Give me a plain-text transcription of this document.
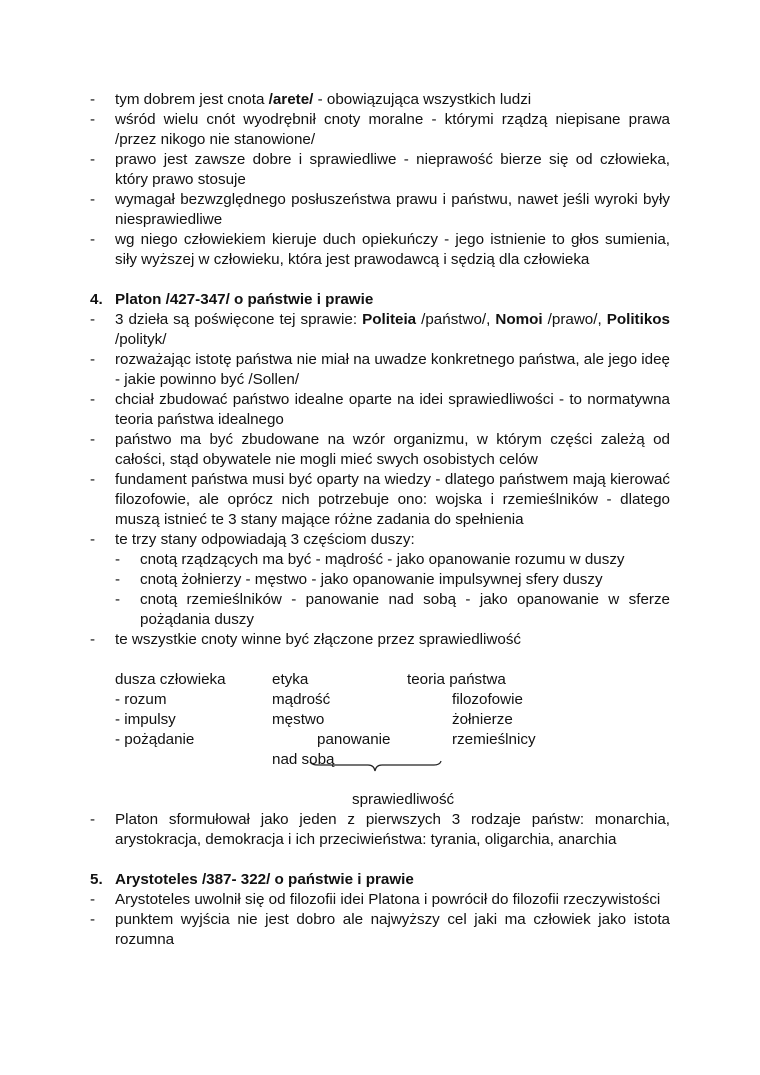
- tym dobrem jest cnota /arete/ - obowiązująca wszystkich ludzi
- wśród wielu cnót wyodrębnił cnoty moralne - którymi rządzą niepisane prawa /przez nikogo nie stanowione/
- prawo jest zawsze dobre i sprawiedliwe - nieprawość bierze się od człowieka, który prawo stosuje
- wymagał bezwzględnego posłuszeństwa prawu i państwu, nawet jeśli wyroki były niesprawiedliwe
- wg niego człowiekiem kieruje duch opiekuńczy - jego istnienie to głos sumienia, siły wyższej w człowieku, która jest prawodawcą i sędzią dla człowieka
4. Platon /427-347/ o państwie i prawie
- 3 dzieła są poświęcone tej sprawie: Politeia /państwo/, Nomoi /prawo/, Politikos /polityk/
- rozważając istotę państwa nie miał na uwadze konkretnego państwa, ale jego ideę - jakie powinno być /Sollen/
- chciał zbudować państwo idealne oparte na idei sprawiedliwości - to normatywna teoria państwa idealnego
- państwo ma być zbudowane na wzór organizmu, w którym części zależą od całości, stąd obywatele nie mogli mieć swych osobistych celów
- fundament państwa musi być oparty na wiedzy - dlatego państwem mają kierować filozofowie, ale oprócz nich potrzebuje ono: wojska i rzemieślników - dlatego muszą istnieć te 3 stany mające różne zadania do spełnienia
- te trzy stany odpowiadają 3 częściom duszy:
- cnotą rządzących ma być - mądrość - jako opanowanie rozumu w duszy
- cnotą żołnierzy - męstwo - jako opanowanie impulsywnej sfery duszy
- cnotą rzemieślników - panowanie nad sobą - jako opanowanie w sferze pożądania duszy
- te wszystkie cnoty winne być złączone przez sprawiedliwość
dusza człowieka
- rozum
- impulsy
- pożądanie
etyka
mądrość
męstwo
panowanie
nad sobą
teoria państwa
filozofowie
żołnierze
rzemieślnicy
sprawiedliwość
- Platon sformułował jako jeden z pierwszych 3 rodzaje państw: monarchia, arystokracja, demokracja i ich przeciwieństwa: tyrania, oligarchia, anarchia
5. Arystoteles /387- 322/ o państwie i prawie
- Arystoteles uwolnił się od filozofii idei Platona i powrócił do filozofii rzeczywistości
- punktem wyjścia nie jest dobro ale najwyższy cel jaki ma człowiek jako istota rozumna
